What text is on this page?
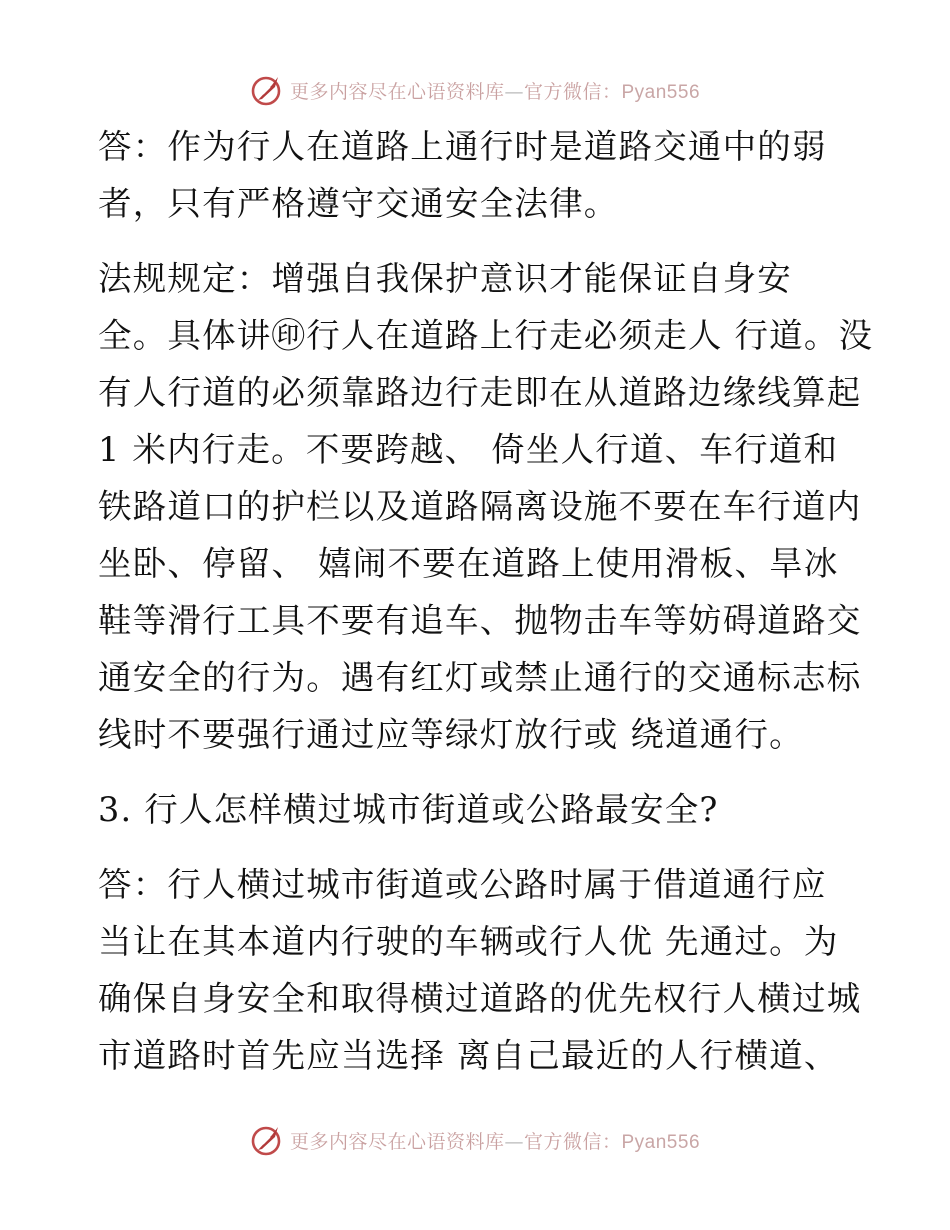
更多内容尽在心语资料库—官方微信：Pyan556

答：作为行人在道路上通行时是道路交通中的弱
者，只有严格遵守交通安全法律。

法规规定：增强自我保护意识才能保证自身安
全。具体讲㊞行人在道路上行走必须走人 行道。没
有人行道的必须靠路边行走即在从道路边缘线算起
1 米内行走。不要跨越、 倚坐人行道、车行道和
铁路道口的护栏以及道路隔离设施不要在车行道内
坐卧、停留、 嬉闹不要在道路上使用滑板、旱冰
鞋等滑行工具不要有追车、抛物击车等妨碍道路交
通安全的行为。遇有红灯或禁止通行的交通标志标
线时不要强行通过应等绿灯放行或 绕道通行。

3. 行人怎样横过城市街道或公路最安全?

答：行人横过城市街道或公路时属于借道通行应
当让在其本道内行驶的车辆或行人优 先通过。为
确保自身安全和取得横过道路的优先权行人横过城
市道路时首先应当选择 离自己最近的人行横道、

更多内容尽在心语资料库—官方微信：Pyan556
